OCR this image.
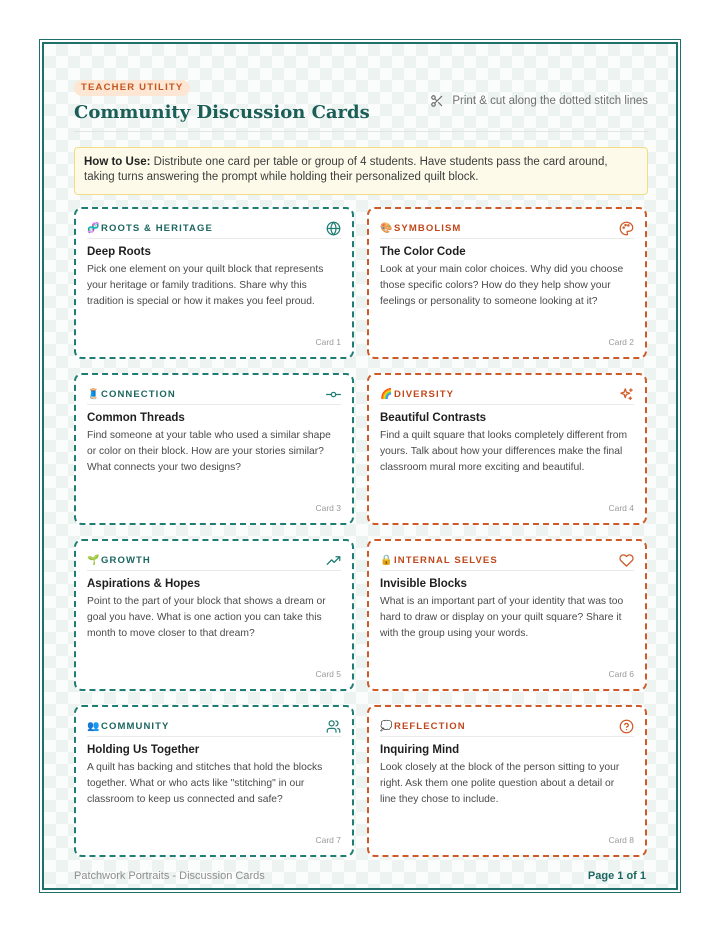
TEACHER UTILITY
Community Discussion Cards
Print & cut along the dotted stitch lines
How to Use: Distribute one card per table or group of 4 students. Have students pass the card around, taking turns answering the prompt while holding their personalized quilt block.
🧬 ROOTS & HERITAGE
Deep Roots
Pick one element on your quilt block that represents your heritage or family traditions. Share why this tradition is special or how it makes you feel proud.
Card 1
🎨 SYMBOLISM
The Color Code
Look at your main color choices. Why did you choose those specific colors? How do they help show your feelings or personality to someone looking at it?
Card 2
🧵 CONNECTION
Common Threads
Find someone at your table who used a similar shape or color on their block. How are your stories similar? What connects your two designs?
Card 3
🌈 DIVERSITY
Beautiful Contrasts
Find a quilt square that looks completely different from yours. Talk about how your differences make the final classroom mural more exciting and beautiful.
Card 4
🌱 GROWTH
Aspirations & Hopes
Point to the part of your block that shows a dream or goal you have. What is one action you can take this month to move closer to that dream?
Card 5
🔒 INTERNAL SELVES
Invisible Blocks
What is an important part of your identity that was too hard to draw or display on your quilt square? Share it with the group using your words.
Card 6
👥 COMMUNITY
Holding Us Together
A quilt has backing and stitches that hold the blocks together. What or who acts like "stitching" in our classroom to keep us connected and safe?
Card 7
💭 REFLECTION
Inquiring Mind
Look closely at the block of the person sitting to your right. Ask them one polite question about a detail or line they chose to include.
Card 8
Patchwork Portraits - Discussion Cards	Page 1 of 1
